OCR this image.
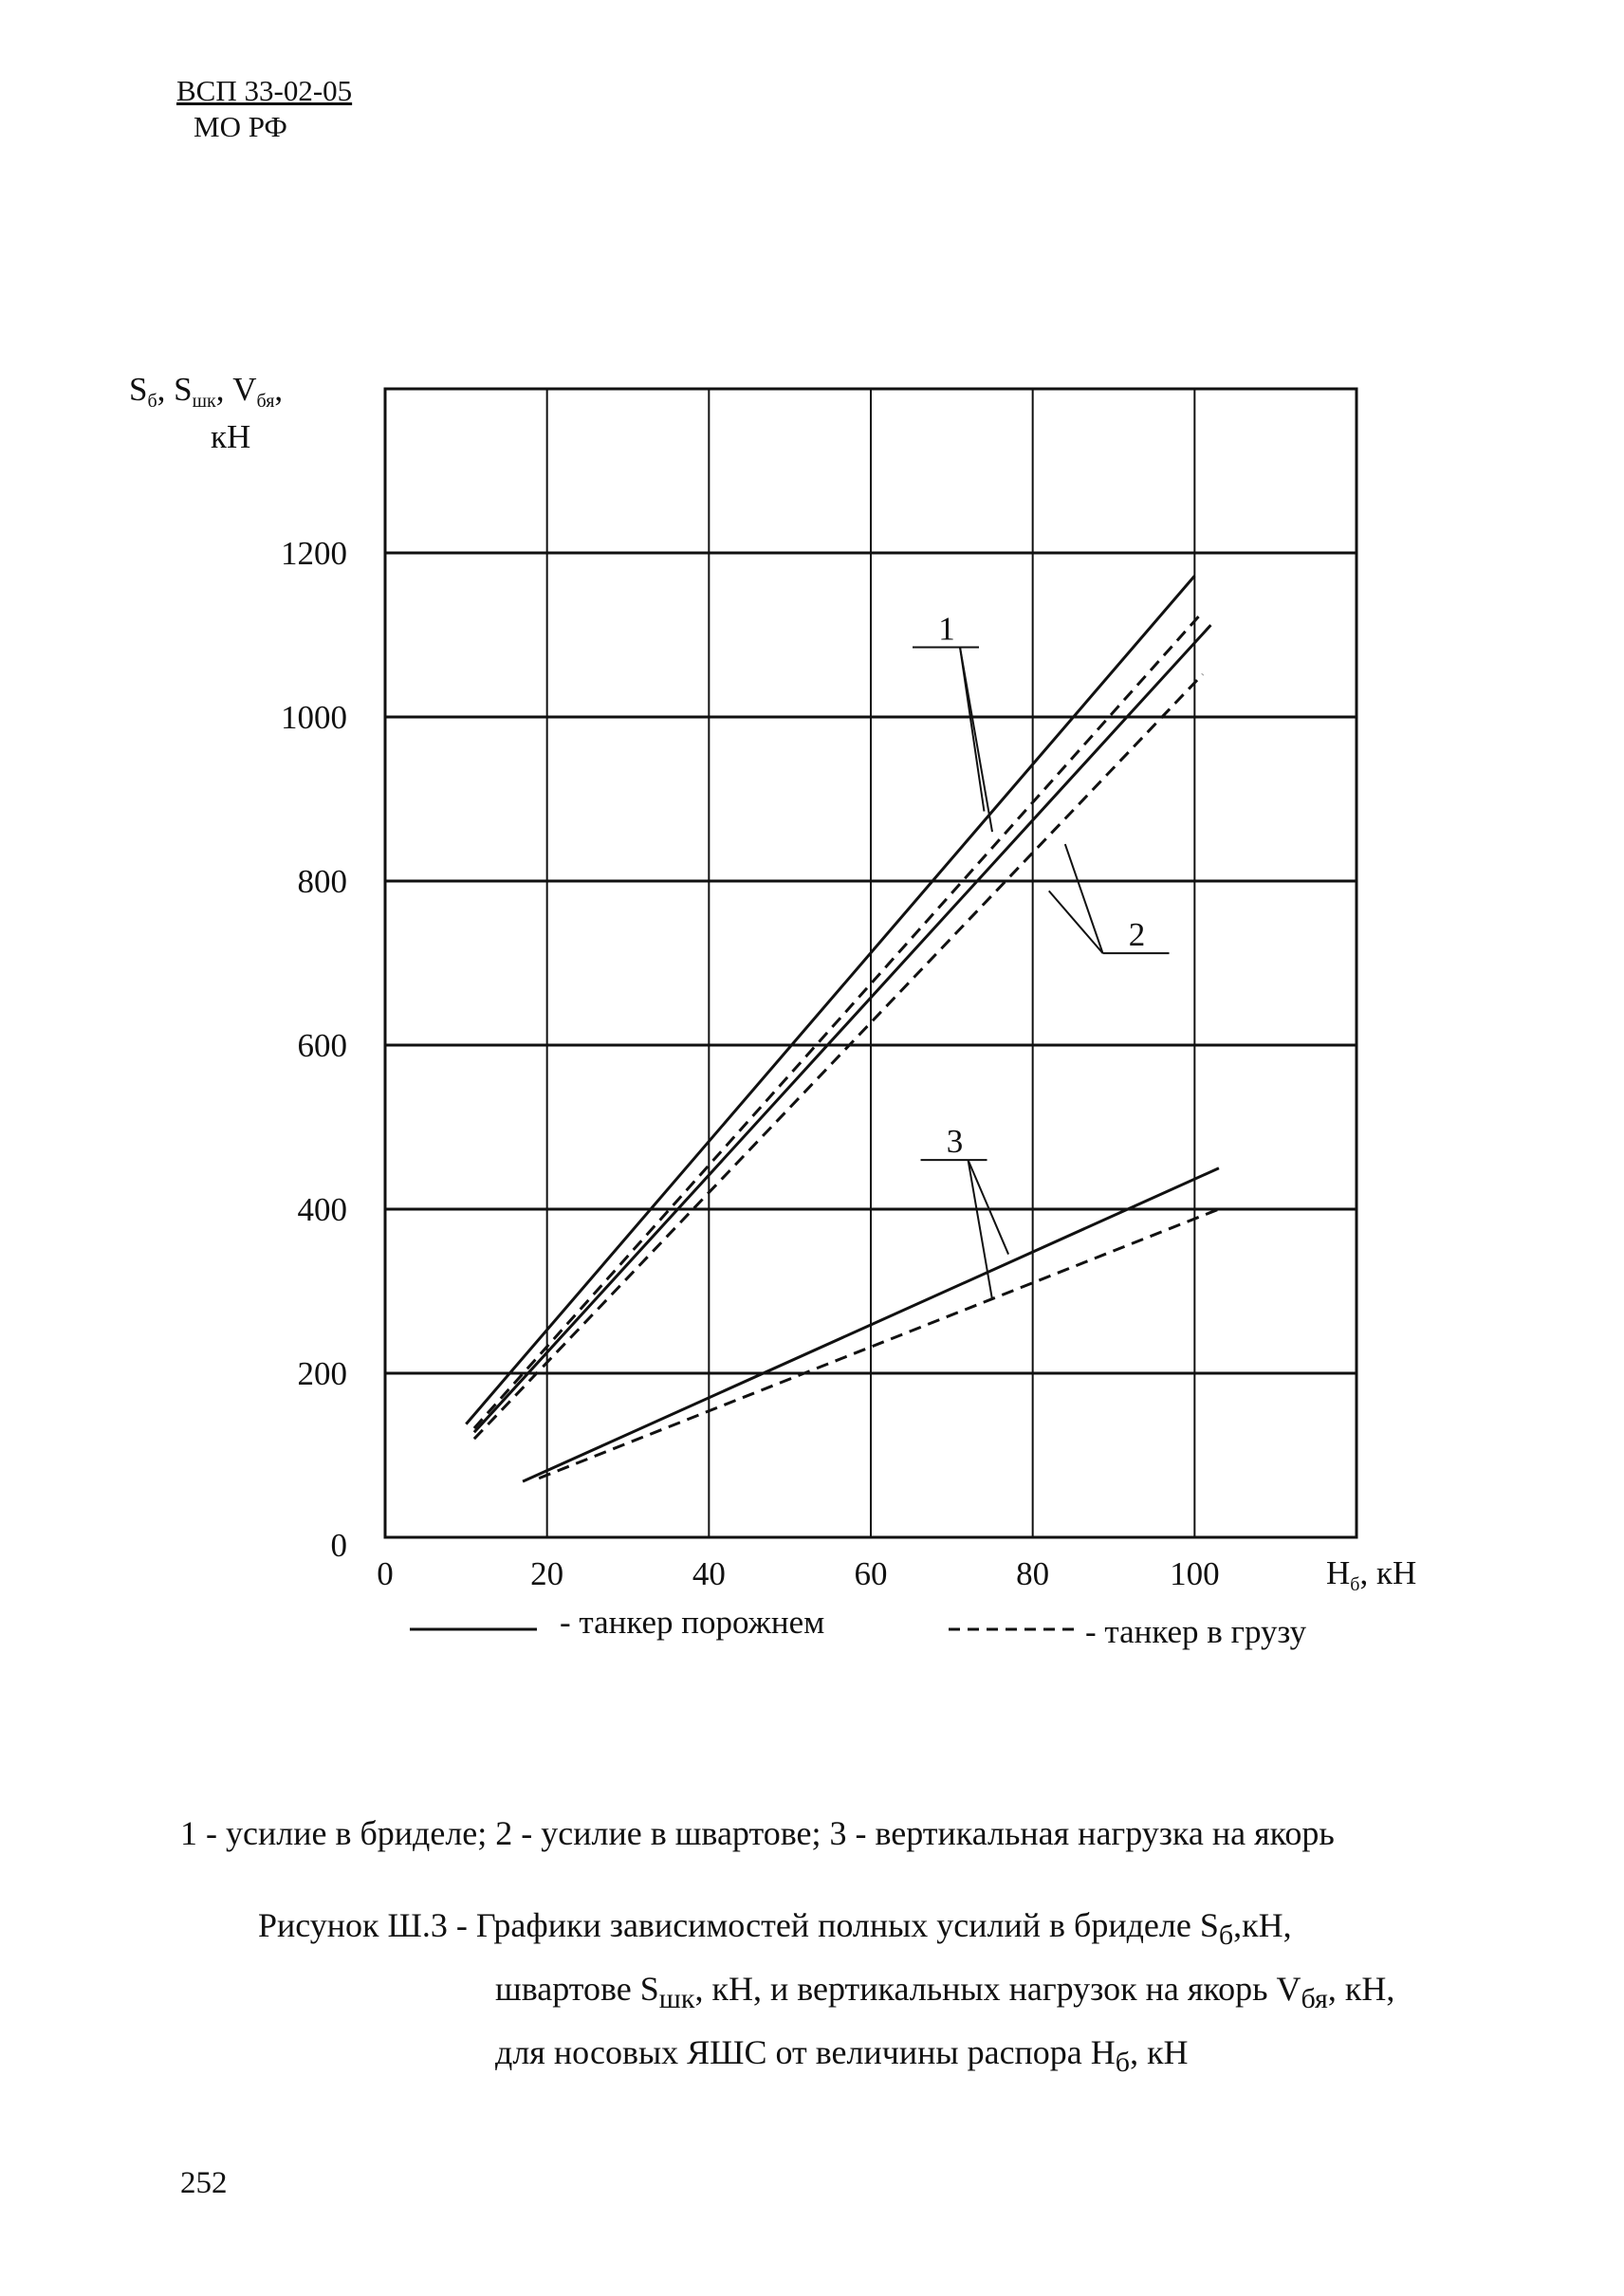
ВСП 33-02-05
МО РФ
1
2
3
0	20	40	60	80	100
0
200
400
600
800
1000
1200
$S_б$, $S_{шк}$, $V_{бя}$,
кН
$H_б$, кН
- танкер порожнем	- танкер в грузу
1 - усилие в бриделе; 2 - усилие в швартове; 3 - вертикальная нагрузка на якорь
Рисунок Ш.3 - Графики зависимостей полных усилий в бриделе $S_б,кН$,
швартове $S_{шк}$, кН, и вертикальных нагрузок на якорь $V_{бя}$, кН,
для носовых ЯШС от величины распора $H_б$, кН
252
